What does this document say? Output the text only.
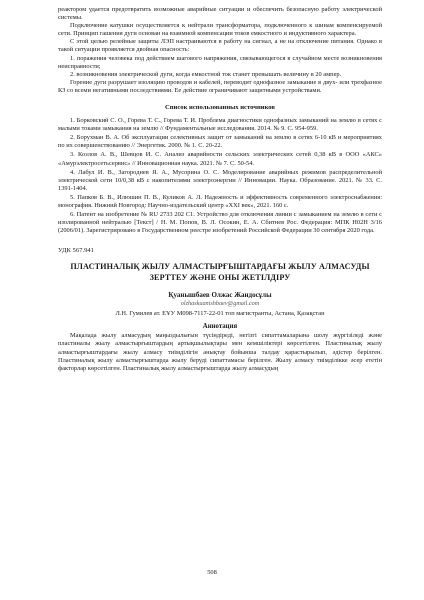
реактором удается предотвратить возможные аварийные ситуации и обеспечить безопасную работу электрической системы.

Подключение катушки осуществляется к нейтрали трансформатора, подключенного к шинам компенсируемой сети. Принцип гашения дуги основан на взаимной компенсации токов емкостного и индуктивного характера.

С этой целью релейные защиты ЛЭП настраиваются в работу на сигнал, а не на отключение питания. Однако в такой ситуации проявляется двойная опасность:

1. поражения человека под действием шагового напряжения, связывающегося в случайном месте возникновения неисправности;

2. возникновения электрической дуги, когда емкостной ток станет превышать величину в 20 ампер.

Горение дуги разрушает изоляцию проводов и кабелей, переводит однофазное замыкание в двух- или трехфазное КЗ со всеми негативными последствиями. Ее действие ограничивают защитными устройствами.

Список использованных источников

1. Борковский С. О., Горева Т. С., Горева Т. И. Проблема диагностики однофазных замыканий на землю в сетях с малыми токами замыкания на землю // Фундаментальные исследования. 2014. № 9. С. 954-959.

2. Борухман В. А. Об эксплуатации селективных защит от замыканий на землю в сетях 6-10 кВ и мероприятиях по их совершенствованию // Энергетик. 2000. № 1. С. 20-22.

3. Козлов А. В., Шевцов И. С. Анализ аварийности сельских электрических сетей 0,38 кВ в ООО «АКС» «Амурэлектросетьсервис» // Инновационная наука. 2021. № 7. С. 50-54.

4. Лабул И. В., Загороднев Я. А., Мусорина О. С. Моделирование аварийных режимов распределительной электрической сети 10/0,38 кВ с накопителями электроэнергии // Инновации. Наука. Образование. 2021. № 33. С. 1391-1404.

5. Папков Б. В., Илюшин П. В., Куликов А. Л. Надежность и эффективность современного электроснабжения: монография. Нижний Новгород: Научно-издательский центр «XXI век», 2021. 160 с.

6. Патент на изобретение № RU 2733 202 C1. Устройство для отключения линии с замыканием на землю в сети с изолированной нейтралью [Текст] / Н. М. Попов, В. Л. Осокин, Е. А. Сбитнев Рос. Федерация: МПК H02H 3/16 (2006/01). Зарегистрировано в Государственном реестре изобретений Российской Федерации 30 сентября 2020 года.

УДК 567.941
ПЛАСТИНАЛЫҚ ЖЫЛУ АЛМАСТЫРҒЫШТАРДАҒЫ ЖЫЛУ АЛМАСУДЫ ЗЕРТТЕУ ЖӘНЕ ОНЫ ЖЕТІЛДІРУ
Қуанышбаев Олжас Жандосұлы
olzhaskuanishbaev@gmail.com
Л.Н. Гумилев ат. ЕҰУ М098-7117-22-01 топ магистранты, Астана, Қазақстан
Аннотация

Мақалада жылу алмасудың маңыздылығын түсіндіреді, негізгі сипаттамаларына шолу жүргізіледі және пластиналы жылу алмастырғыштардың артықшылықтары мен кемшіліктері көрсетілген. Пластиналық жылу алмастырғыштардағы жылу алмасу тиімділігін анықтау бойынша талдау қарастырылып, әдістер берілген. Пластиналық жылу алмастырғыштарда жылу беруді сипаттамасы берілген. Жылу алмасу тиімділікке әсер ететін факторлар көрсетілген. Пластиналық жылу алмастырғыштарда жылу алмасудың

508
